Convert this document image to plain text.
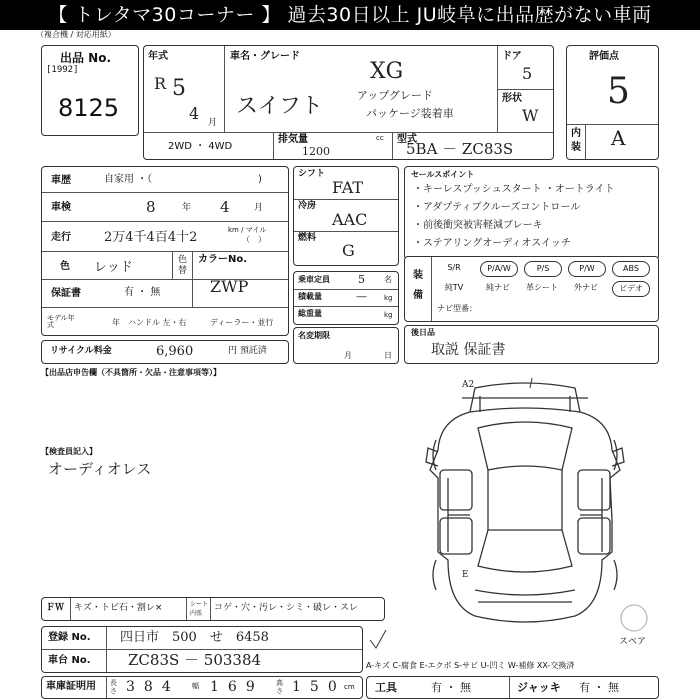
【 トレタマ30コーナー 】 過去30日以上 JU岐阜に出品歴がない車両
（複合機 / 対応用紙）
出品 No.
[1992]
8125
年式
R 5
4 月
車名・グレード
スイフト
XG
アップグレード
パッケージ装着車
ドア
5
形状
W
2WD ・ 4WD
排気量	cc
1200
型式
5BA － ZC83S
評価点
5
内
装 A
車歴	自家用 ・（	)
車検	8	年 4	月
走行	2万4千4百4十2	km / マイル
（　）
色 レッド	色
替
カラーNo.
ZWP
保証書	有 ・ 無
モデル年式	年 ハンドル 左・右	ディーラー・並行
リサイクル料金	6,960	円 預託済
シフト
FAT
冷房
AAC
燃料
G
乗車定員	5 名
積載量	— kg
総重量	kg
名変期限
月	日
セールスポイント
・キーレスプッシュスタート ・オートライト
・アダプティブクルーズコントロール
・前後衝突被害軽減ブレーキ
・ステアリングオーディオスイッチ
装
備
S/R	P/A/W	P/S	P/W	ABS
純TV	純ナビ	革シート	外ナビ	ビデオ
ナビ型番：
後日品
取説 保証書
【出品店申告欄（不具箇所・欠品・注意事項等）】
【検査員記入】
オーディオレス
A2
E
スペア
ＦＷ キズ・トビ石・割レ×	シート内張
コゲ・穴・汚レ・シミ・破レ・スレ
登録 No. 四日市　500　せ　6458
車台 No. ZC83S － 503384	A-キズ C-腐食 E-エクボ S-サビ U-凹ミ W-補修 XX-交換済
車庫証明用 長さ 384 幅 169 高さ 150
cm 工具	有 ・ 無	ジャッキ 有 ・ 無
